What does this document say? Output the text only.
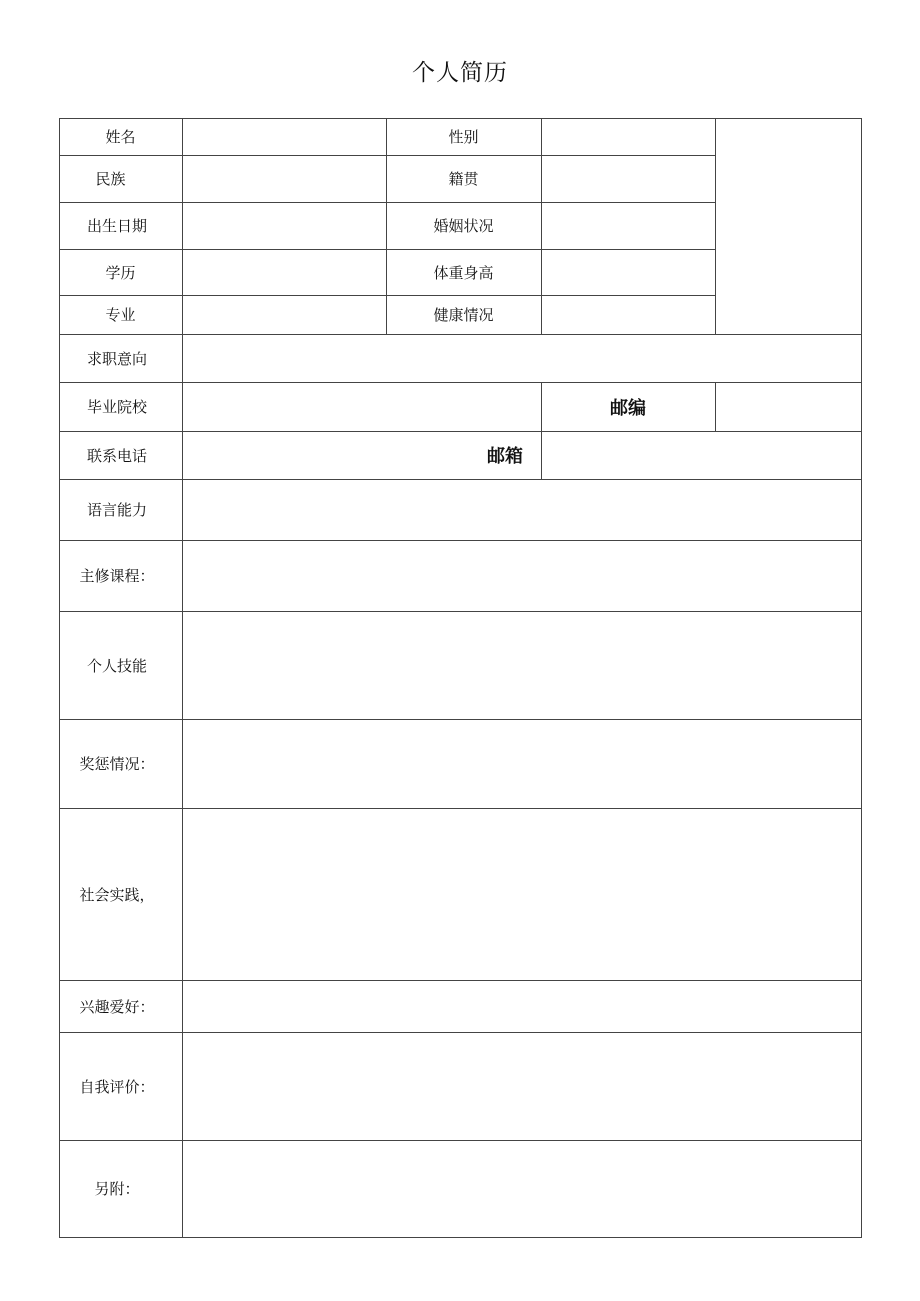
个人简历
姓名	性别
民族	籍贯
出生日期	婚姻状况
学历	体重身高
专业	健康情况
求职意向
毕业院校	邮编
联系电话	邮箱
语言能力
主修课程：
个人技能
奖惩情况：
社会实践，
兴趣爱好：
自我评价：
另附：
